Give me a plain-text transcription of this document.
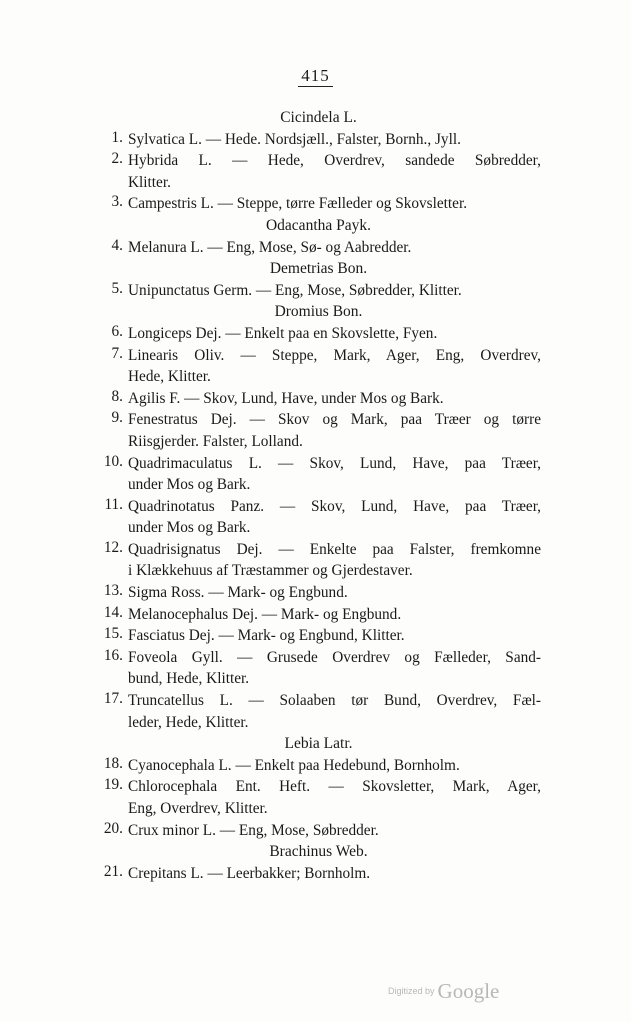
415
Cicindela L.
1. Sylvatica L. — Hede. Nordsjæll., Falster, Bornh., Jyll.
2. Hybrida L. — Hede, Overdrev, sandede Søbredder,
Klitter.
3. Campestris L. — Steppe, tørre Fælleder og Skovsletter.
Odacantha Payk.
4. Melanura L. — Eng, Mose, Sø- og Aabredder.
Demetrias Bon.
5. Unipunctatus Germ. — Eng, Mose, Søbredder, Klitter.
Dromius Bon.
6. Longiceps Dej. — Enkelt paa en Skovslette, Fyen.
7. Linearis Oliv. — Steppe, Mark, Ager, Eng, Overdrev,
Hede, Klitter.
8. Agilis F. — Skov, Lund, Have, under Mos og Bark.
9. Fenestratus Dej. — Skov og Mark, paa Træer og tørre
Riisgjerder. Falster, Lolland.
10. Quadrimaculatus L. — Skov, Lund, Have, paa Træer,
under Mos og Bark.
11. Quadrinotatus Panz. — Skov, Lund, Have, paa Træer,
under Mos og Bark.
12. Quadrisignatus Dej. — Enkelte paa Falster, fremkomne
i Klækkehuus af Træstammer og Gjerdestaver.
13. Sigma Ross. — Mark- og Engbund.
14. Melanocephalus Dej. — Mark- og Engbund.
15. Fasciatus Dej. — Mark- og Engbund, Klitter.
16. Foveola Gyll. — Grusede Overdrev og Fælleder, Sand-
bund, Hede, Klitter.
17. Truncatellus L. — Solaaben tør Bund, Overdrev, Fæl-
leder, Hede, Klitter.
Lebia Latr.
18. Cyanocephala L. — Enkelt paa Hedebund, Bornholm.
19. Chlorocephala Ent. Heft. — Skovsletter, Mark, Ager,
Eng, Overdrev, Klitter.
20. Crux minor L. — Eng, Mose, Søbredder.
Brachinus Web.
21. Crepitans L. — Leerbakker; Bornholm.
Digitized by Google
